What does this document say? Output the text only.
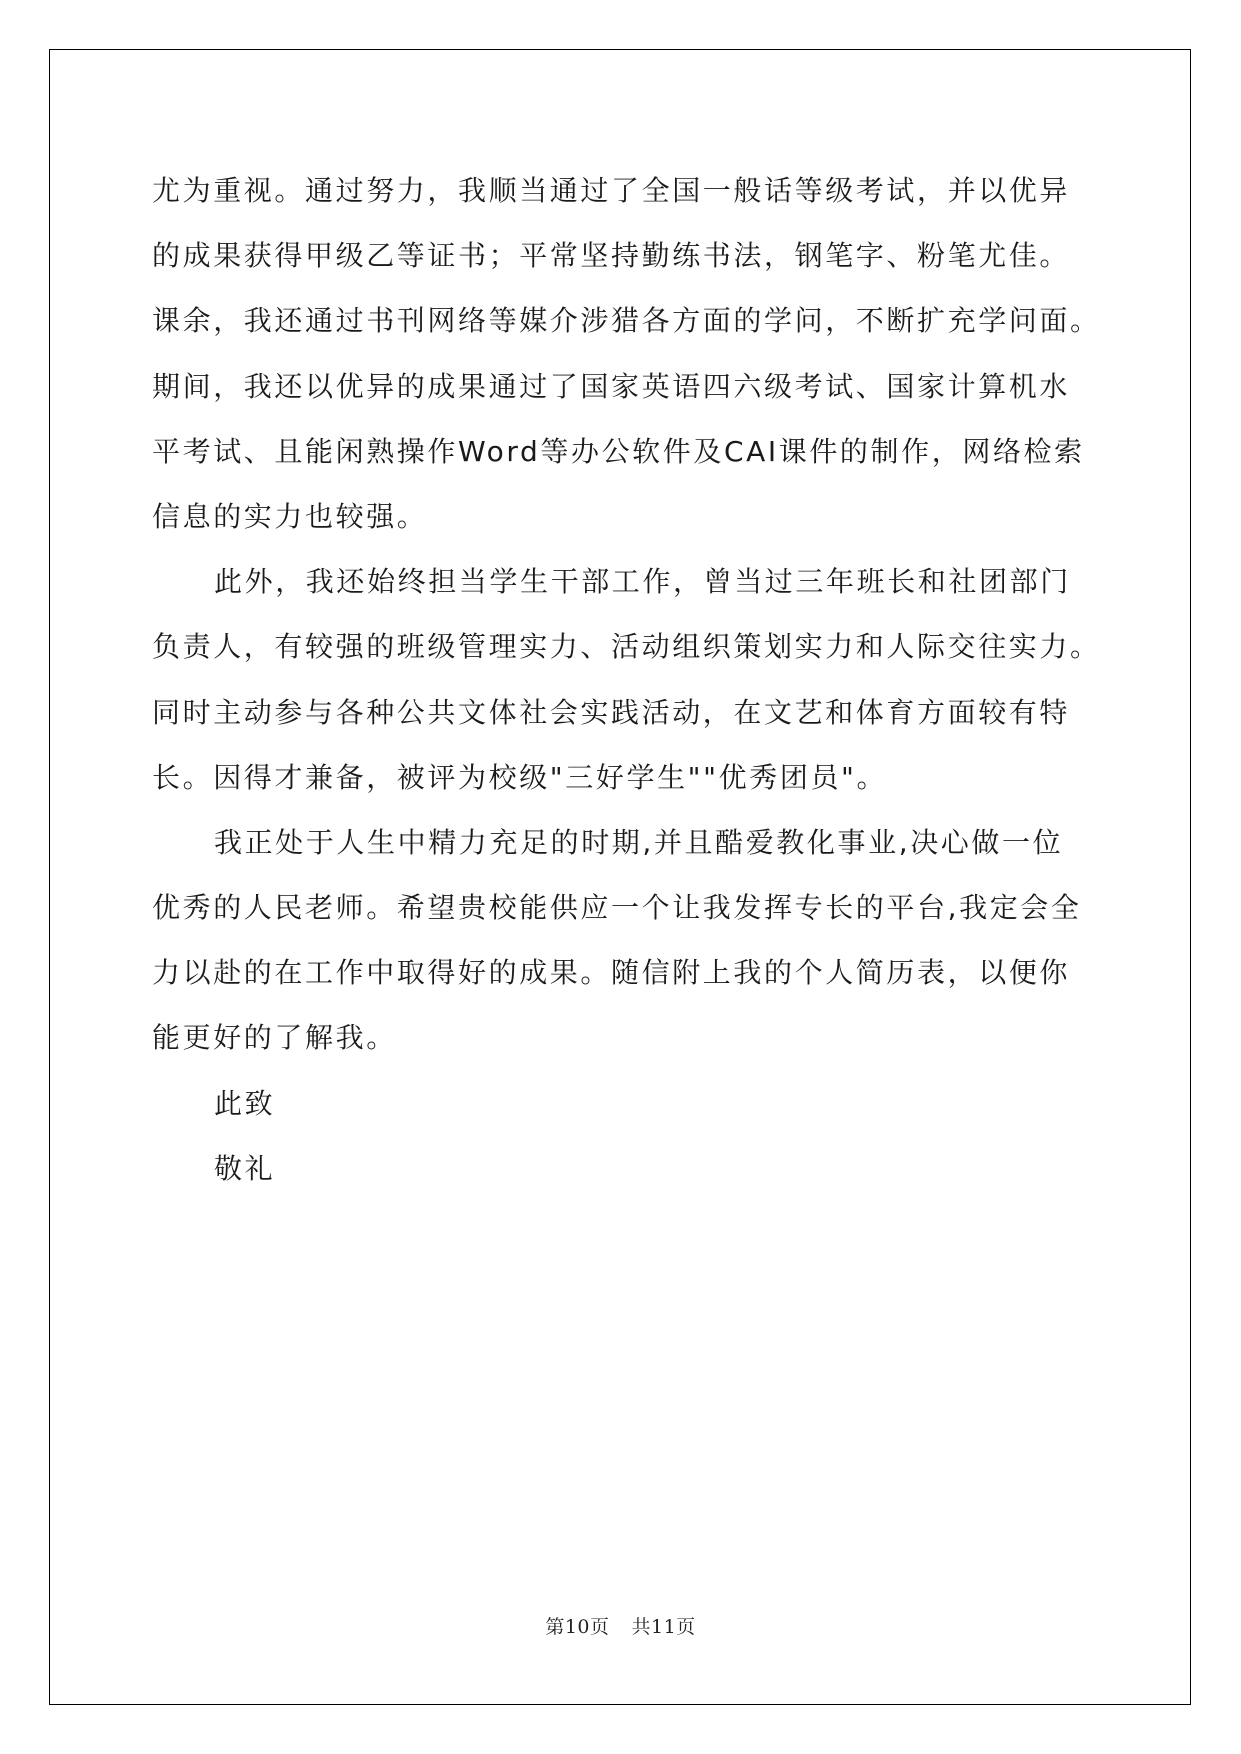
尤为重视。通过努力，我顺当通过了全国一般话等级考试，并以优异

的成果获得甲级乙等证书；平常坚持勤练书法，钢笔字、粉笔尤佳。

课余，我还通过书刊网络等媒介涉猎各方面的学问，不断扩充学问面。

期间，我还以优异的成果通过了国家英语四六级考试、国家计算机水

平考试、且能闲熟操作Word等办公软件及CAI课件的制作，网络检索

信息的实力也较强。

此外，我还始终担当学生干部工作，曾当过三年班长和社团部门

负责人，有较强的班级管理实力、活动组织策划实力和人际交往实力。

同时主动参与各种公共文体社会实践活动，在文艺和体育方面较有特

长。因得才兼备，被评为校级"三好学生""优秀团员"。

我正处于人生中精力充足的时期,并且酷爱教化事业,决心做一位

优秀的人民老师。希望贵校能供应一个让我发挥专长的平台,我定会全

力以赴的在工作中取得好的成果。随信附上我的个人简历表，以便你

能更好的了解我。

此致

敬礼

第10页 共11页
